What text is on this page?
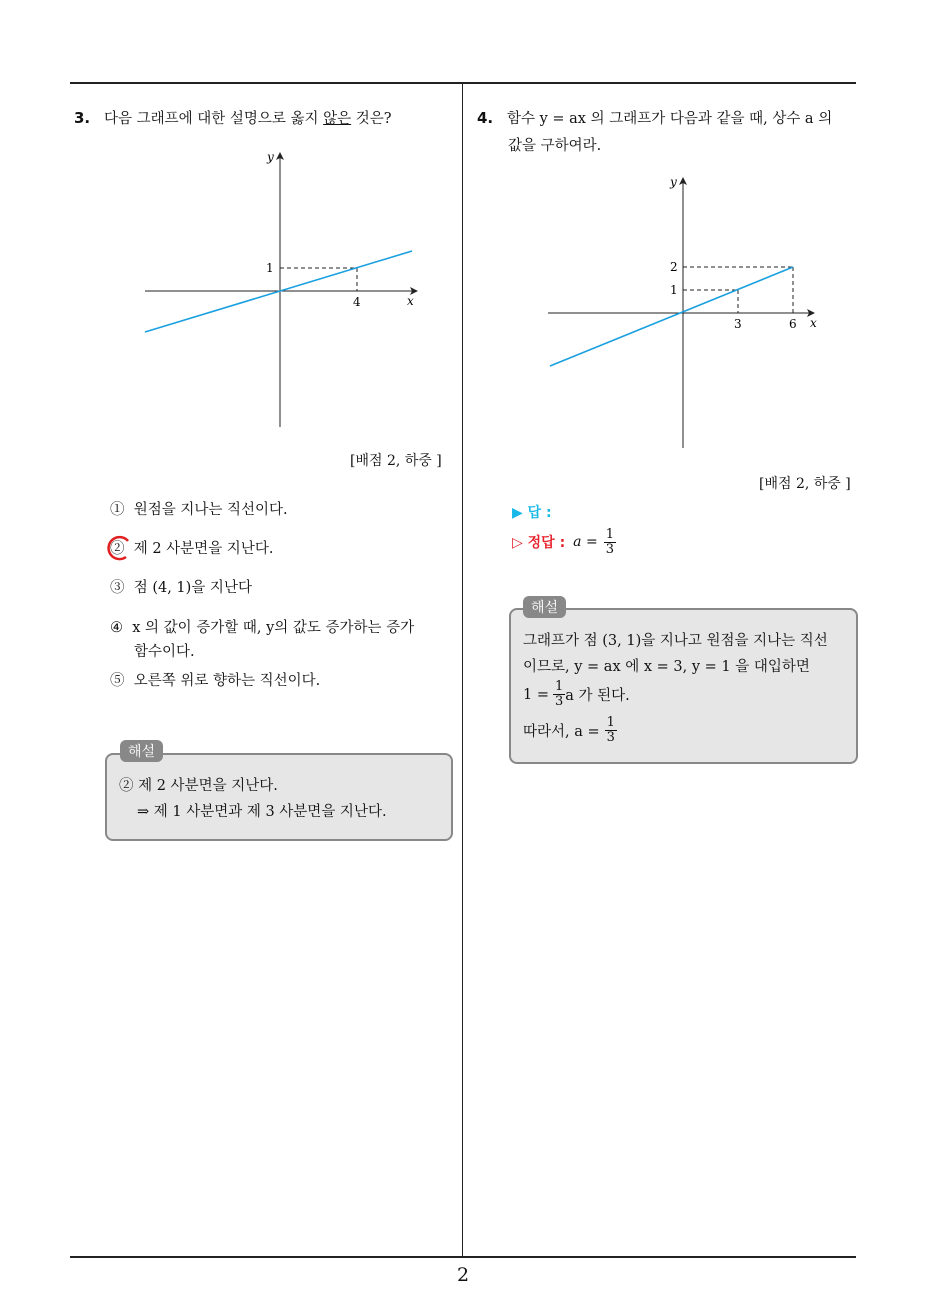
2
3. 다음 그래프에 대한 설명으로 옳지 않은 것은?
y
x
1
4
[배점 2, 하중 ]
① 원점을 지나는 직선이다.
② 제 2 사분면을 지난다.
③ 점 (4, 1)을 지난다
④ x 의 값이 증가할 때, y의 값도 증가하는 증가
함수이다.
⑤ 오른쪽 위로 향하는 직선이다.
② 제 2 사분면을 지난다.
⇒ 제 1 사분면과 제 3 사분면을 지난다.
해설
4. 함수 y = ax 의 그래프가 다음과 같을 때, 상수 a 의
값을 구하여라.
y
x
2
1
3	6
[배점 2, 하중 ]
▶ 답 :
▷ 정답 : $a = \frac{1}{3}$
그래프가 점 (3, 1)을 지나고 원점을 지나는 직선
이므로, y = ax 에 x = 3, y = 1 을 대입하면
$1 = \frac{1}{3}$ a 가 된다.
따라서, $a = \frac{1}{3}$
해설
